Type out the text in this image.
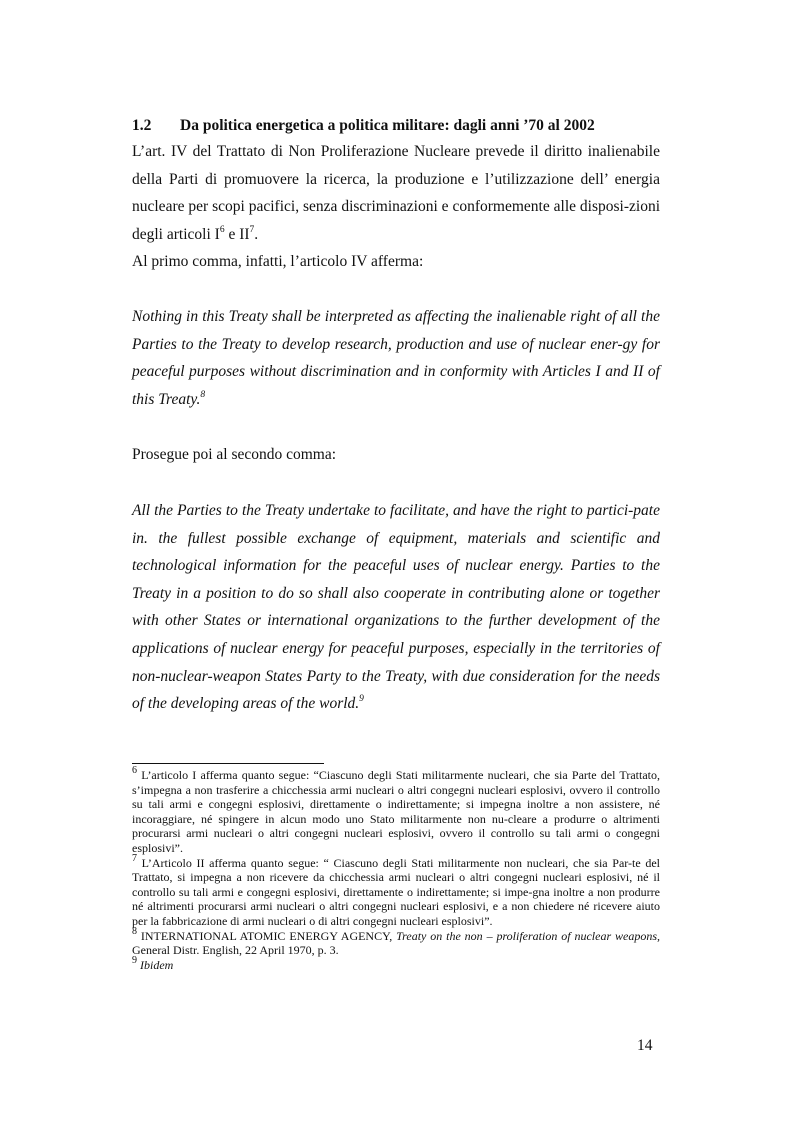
1.2	Da politica energetica a politica militare: dagli anni ’70 al 2002

L’art. IV del Trattato di Non Proliferazione Nucleare prevede il diritto inalienabile della Parti di promuovere la ricerca, la produzione e l’utilizzazione dell’ energia nucleare per scopi pacifici, senza discriminazioni e conformemente alle disposi-zioni degli articoli $I^6$ e $II^7$.

Al primo comma, infatti, l’articolo IV afferma:

Nothing in this Treaty shall be interpreted as affecting the inalienable right of all the Parties to the Treaty to develop research, production and use of nuclear ener-gy for peaceful purposes without discrimination and in conformity with Articles I and II of this Treaty.$^8$

Prosegue poi al secondo comma:

All the Parties to the Treaty undertake to facilitate, and have the right to partici-pate in. the fullest possible exchange of equipment, materials and scientific and technological information for the peaceful uses of nuclear energy. Parties to the Treaty in a position to do so shall also cooperate in contributing alone or together with other States or international organizations to the further development of the applications of nuclear energy for peaceful purposes, especially in the territories of non-nuclear-weapon States Party to the Treaty, with due consideration for the needs of the developing areas of the world.$^9$

$^6$ L’articolo I afferma quanto segue: “Ciascuno degli Stati militarmente nucleari, che sia Parte del Trattato, s’impegna a non trasferire a chicchessia armi nucleari o altri congegni nucleari esplosivi, ovvero il controllo su tali armi e congegni esplosivi, direttamente o indirettamente; si impegna inoltre a non assistere, né incoraggiare, né spingere in alcun modo uno Stato militarmente non nu-cleare a produrre o altrimenti procurarsi armi nucleari o altri congegni nucleari esplosivi, ovvero il controllo su tali armi o congegni esplosivi”.

$^7$ L’Articolo II afferma quanto segue: “ Ciascuno degli Stati militarmente non nucleari, che sia Par-te del Trattato, si impegna a non ricevere da chicchessia armi nucleari o altri congegni nucleari esplosivi, né il controllo su tali armi e congegni esplosivi, direttamente o indirettamente; si impe-gna inoltre a non produrre né altrimenti procurarsi armi nucleari o altri congegni nucleari esplosivi, e a non chiedere né ricevere aiuto per la fabbricazione di armi nucleari o di altri congegni nucleari esplosivi”.

$^8$ INTERNATIONAL ATOMIC ENERGY AGENCY, Treaty on the non – proliferation of nuclear weapons, General Distr. English, 22 April 1970, p. 3.

$^9$ Ibidem

14
